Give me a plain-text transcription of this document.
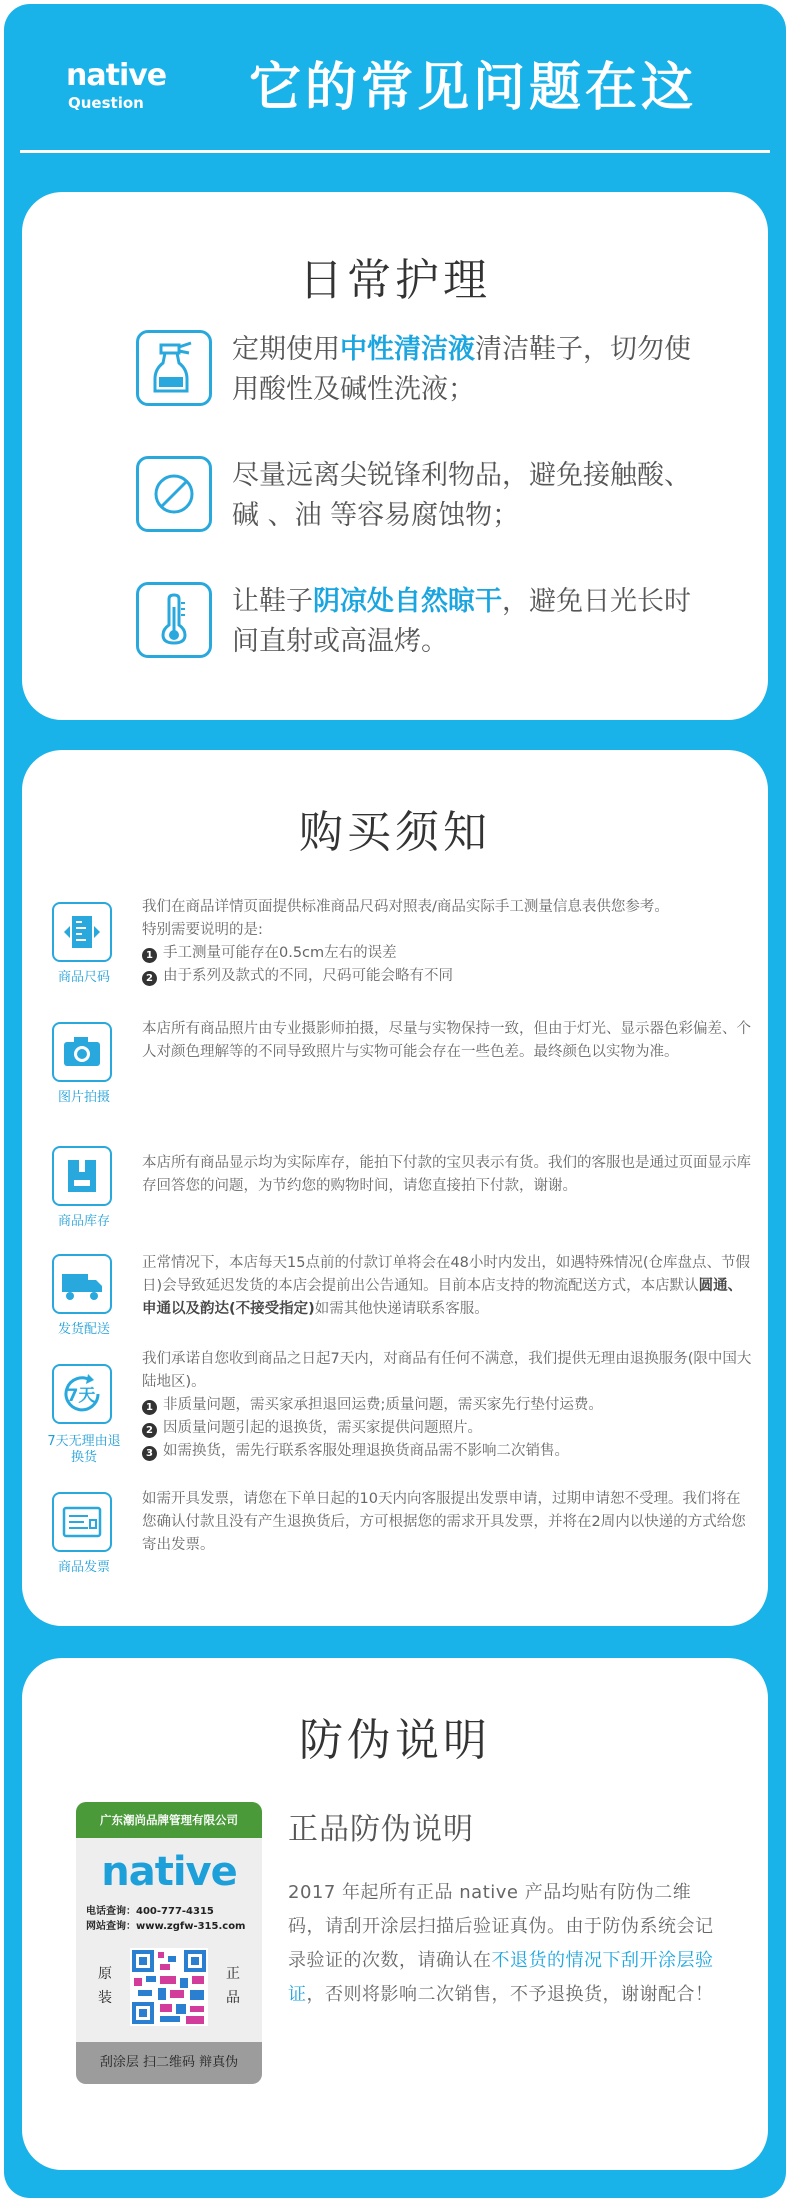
native
Question	它的常见问题在这
日常护理
定期使用中性清洁液清洁鞋子，切勿使用酸性及碱性洗液；
尽量远离尖锐锋利物品，避免接触酸、碱 、油 等容易腐蚀物；
让鞋子阴凉处自然晾干，避免日光长时间直射或高温烤。
购买须知
商品尺码
我们在商品详情页面提供标准商品尺码对照表/商品实际手工测量信息表供您参考。
特别需要说明的是:
1 手工测量可能存在0.5cm左右的误差
2 由于系列及款式的不同，尺码可能会略有不同
图片拍摄
本店所有商品照片由专业摄影师拍摄，尽量与实物保持一致，但由于灯光、显示器色彩偏差、个人对颜色理解等的不同导致照片与实物可能会存在一些色差。最终颜色以实物为准。
商品库存
本店所有商品显示均为实际库存，能拍下付款的宝贝表示有货。我们的客服也是通过页面显示库存回答您的问题，为节约您的购物时间，请您直接拍下付款，谢谢。
发货配送
正常情况下，本店每天15点前的付款订单将会在48小时内发出，如遇特殊情况(仓库盘点、节假日)会导致延迟发货的本店会提前出公告通知。目前本店支持的物流配送方式，本店默认圆通、申通以及韵达(不接受指定)如需其他快递请联系客服。
7天
7天无理由退换货
我们承诺自您收到商品之日起7天内，对商品有任何不满意，我们提供无理由退换服务(限中国大陆地区)。
1 非质量问题，需买家承担退回运费;质量问题，需买家先行垫付运费。
2 因质量问题引起的退换货，需买家提供问题照片。
3 如需换货，需先行联系客服处理退换货商品需不影响二次销售。
商品发票
如需开具发票，请您在下单日起的10天内向客服提出发票申请，过期申请恕不受理。我们将在您确认付款且没有产生退换货后，方可根据您的需求开具发票，并将在2周内以快递的方式给您寄出发票。
防伪说明
广东潮尚品牌管理有限公司
native
电话查询：400-777-4315
网站查询：www.zgfw-315.com
原装
正品
刮涂层 扫二维码 辩真伪
正品防伪说明
2017 年起所有正品 native 产品均贴有防伪二维码，请刮开涂层扫描后验证真伪。由于防伪系统会记录验证的次数，请确认在不退货的情况下刮开涂层验证，否则将影响二次销售，不予退换货，谢谢配合！
